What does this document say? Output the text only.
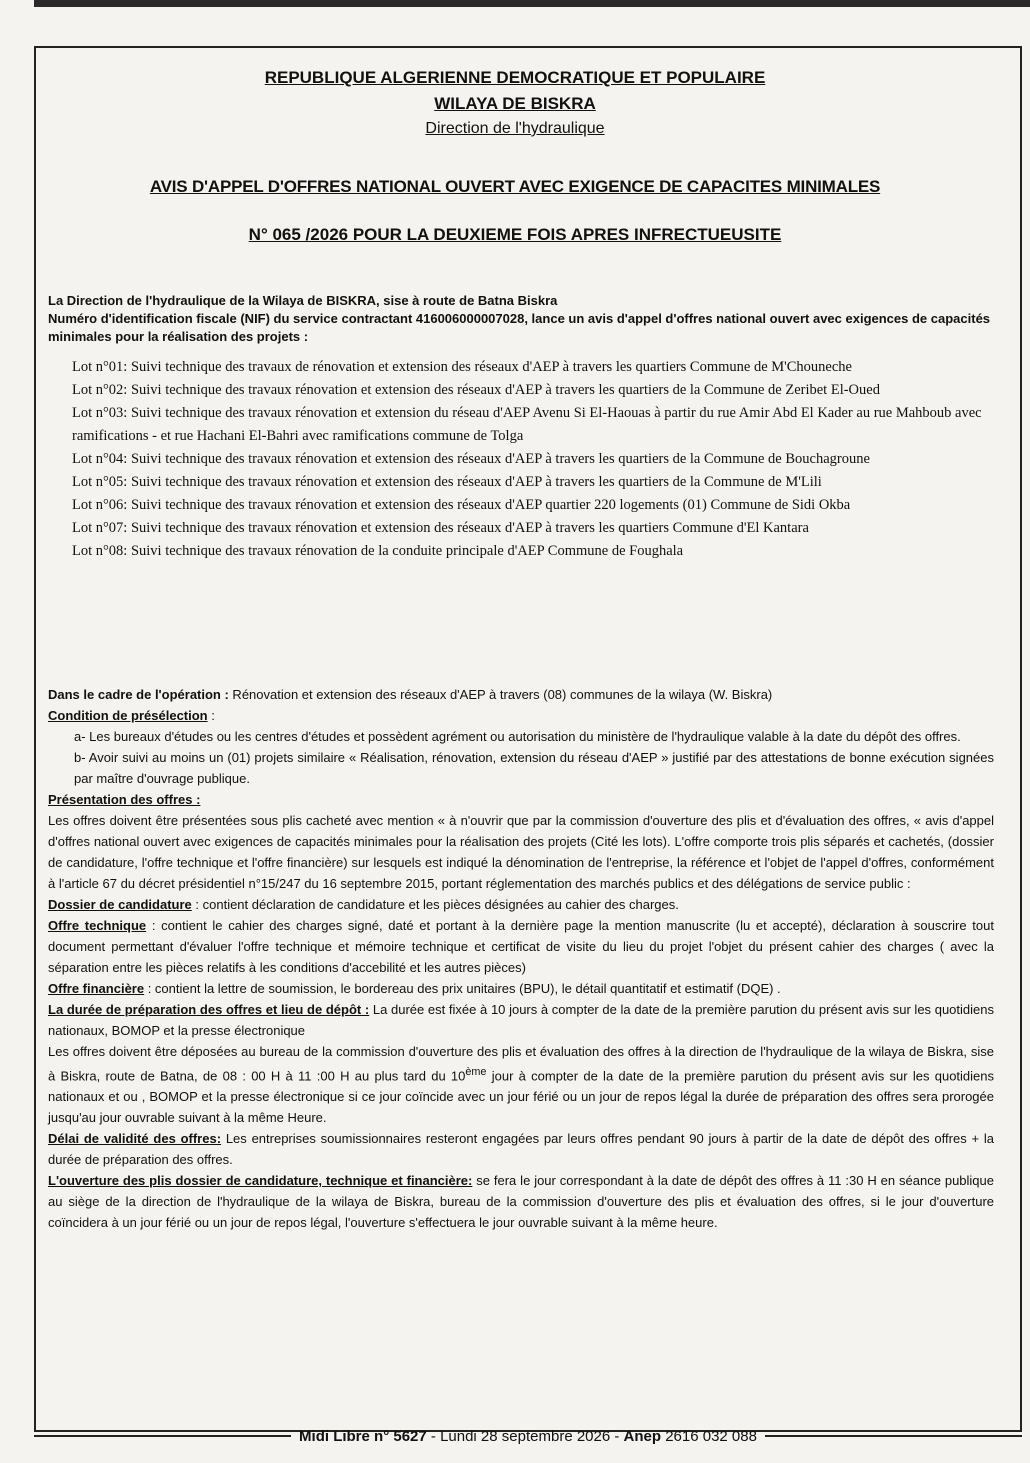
REPUBLIQUE ALGERIENNE DEMOCRATIQUE ET POPULAIRE
WILAYA DE BISKRA
Direction de l'hydraulique
AVIS D'APPEL D'OFFRES NATIONAL OUVERT AVEC EXIGENCE DE CAPACITES MINIMALES
N° 065 /2026 POUR LA DEUXIEME FOIS APRES INFRECTUEUSITE
La Direction de l'hydraulique de la Wilaya de BISKRA, sise à route de Batna Biskra
Numéro d'identification fiscale (NIF) du service contractant 416006000007028, lance un avis d'appel d'offres national ouvert avec exigences de capacités minimales pour la réalisation des projets :

Lot n°01: Suivi technique des travaux de rénovation et extension des réseaux d'AEP à travers les quartiers Commune de M'Chouneche

Lot n°02: Suivi technique des travaux rénovation et extension des réseaux d'AEP à travers les quartiers de la Commune de Zeribet El-Oued

Lot n°03: Suivi technique des travaux rénovation et extension du réseau d'AEP Avenu Si El-Haouas à partir du rue Amir Abd El Kader au rue Mahboub avec ramifications - et rue Hachani El-Bahri avec ramifications commune de Tolga

Lot n°04: Suivi technique des travaux rénovation et extension des réseaux d'AEP à travers les quartiers de la Commune de Bouchagroune

Lot n°05: Suivi technique des travaux rénovation et extension des réseaux d'AEP à travers les quartiers de la Commune de M'Lili

Lot n°06: Suivi technique des travaux rénovation et extension des réseaux d'AEP quartier 220 logements (01) Commune de Sidi Okba

Lot n°07: Suivi technique des travaux rénovation et extension des réseaux d'AEP à travers les quartiers Commune d'El Kantara

Lot n°08: Suivi technique des travaux rénovation de la conduite principale d'AEP Commune de Foughala

Dans le cadre de l'opération : Rénovation et extension des réseaux d'AEP à travers (08) communes de la wilaya (W. Biskra)

Condition de présélection :

a- Les bureaux d'études ou les centres d'études et possèdent agrément ou autorisation du ministère de l'hydraulique valable à la date du dépôt des offres.

b- Avoir suivi au moins un (01) projets similaire « Réalisation, rénovation, extension du réseau d'AEP » justifié par des attestations de bonne exécution signées par maître d'ouvrage publique.

Présentation des offres :

Les offres doivent être présentées sous plis cacheté avec mention « à n'ouvrir que par la commission d'ouverture des plis et d'évaluation des offres, « avis d'appel d'offres national ouvert avec exigences de capacités minimales pour la réalisation des projets (Cité les lots). L'offre comporte trois plis séparés et cachetés, (dossier de candidature, l'offre technique et l'offre financière) sur lesquels est indiqué la dénomination de l'entreprise, la référence et l'objet de l'appel d'offres, conformément à l'article 67 du décret présidentiel n°15/247 du 16 septembre 2015, portant réglementation des marchés publics et des délégations de service public :

Dossier de candidature : contient déclaration de candidature et les pièces désignées au cahier des charges.

Offre technique : contient le cahier des charges signé, daté et portant à la dernière page la mention manuscrite (lu et accepté), déclaration à souscrire tout document permettant d'évaluer l'offre technique et mémoire technique et certificat de visite du lieu du projet l'objet du présent cahier des charges ( avec la séparation entre les pièces relatifs à les conditions d'accebilité et les autres pièces)

Offre financière : contient la lettre de soumission, le bordereau des prix unitaires (BPU), le détail quantitatif et estimatif (DQE) .

La durée de préparation des offres et lieu de dépôt : La durée est fixée à 10 jours à compter de la date de la première parution du présent avis sur les quotidiens nationaux, BOMOP et la presse électronique

Les offres doivent être déposées au bureau de la commission d'ouverture des plis et évaluation des offres à la direction de l'hydraulique de la wilaya de Biskra, sise à Biskra, route de Batna, de 08 : 00 H à 11 :00 H au plus tard du 10ème jour à compter de la date de la première parution du présent avis sur les quotidiens nationaux et ou , BOMOP et la presse électronique si ce jour coïncide avec un jour férié ou un jour de repos légal la durée de préparation des offres sera prorogée jusqu'au jour ouvrable suivant à la même Heure.

Délai de validité des offres: Les entreprises soumissionnaires resteront engagées par leurs offres pendant 90 jours à partir de la date de dépôt des offres + la durée de préparation des offres.

L'ouverture des plis dossier de candidature, technique et financière: se fera le jour correspondant à la date de dépôt des offres à 11 :30 H en séance publique au siège de la direction de l'hydraulique de la wilaya de Biskra, bureau de la commission d'ouverture des plis et évaluation des offres, si le jour d'ouverture coïncidera à un jour férié ou un jour de repos légal, l'ouverture s'effectuera le jour ouvrable suivant à la même heure.

Midi Libre n° 5627 - Lundi 28 septembre 2026 - Anep 2616 032 088
